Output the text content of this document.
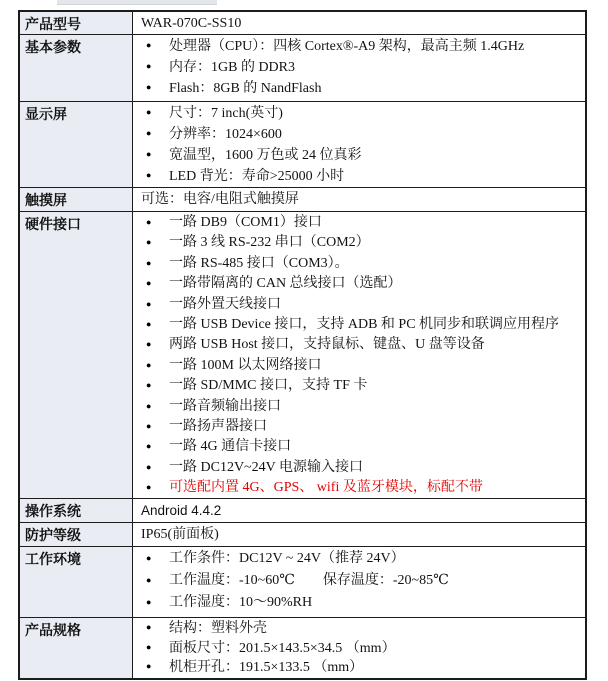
产品型号	WAR-070C-SS10
基本参数	●	处理器（CPU）：四核 Cortex®-A9 架构，最高主频 1.4GHz
●	内存：1GB 的 DDR3
●	Flash：8GB 的 NandFlash
显示屏	●	尺寸：7 inch(英寸)
●	分辨率：1024×600
●	宽温型，1600 万色或 24 位真彩
●	LED 背光：寿命>25000 小时
触摸屏	可选：电容/电阻式触摸屏
硬件接口	●	一路 DB9（COM1）接口
●	一路 3 线 RS-232 串口（COM2）
●	一路 RS-485 接口（COM3）。
●	一路带隔离的 CAN 总线接口（选配）
●	一路外置天线接口
●	一路 USB Device 接口，支持 ADB 和 PC 机同步和联调应用程序
●	两路 USB Host 接口，支持鼠标、键盘、U 盘等设备
●	一路 100M 以太网络接口
●	一路 SD/MMC 接口，支持 TF 卡
●	一路音频输出接口
●	一路扬声器接口
●	一路 4G 通信卡接口
●	一路 DC12V~24V 电源输入接口
●	可选配内置 4G、GPS、 wifi 及蓝牙模块，标配不带
操作系统	Android 4.4.2
防护等级	IP65(前面板)
工作环境	●	工作条件：DC12V ~ 24V（推荐 24V）
●	工作温度：-10~60℃　　保存温度：-20~85℃
●	工作湿度：10～90%RH
产品规格	●	结构：塑料外壳
●	面板尺寸：201.5×143.5×34.5 （mm）
●	机柜开孔：191.5×133.5 （mm）
